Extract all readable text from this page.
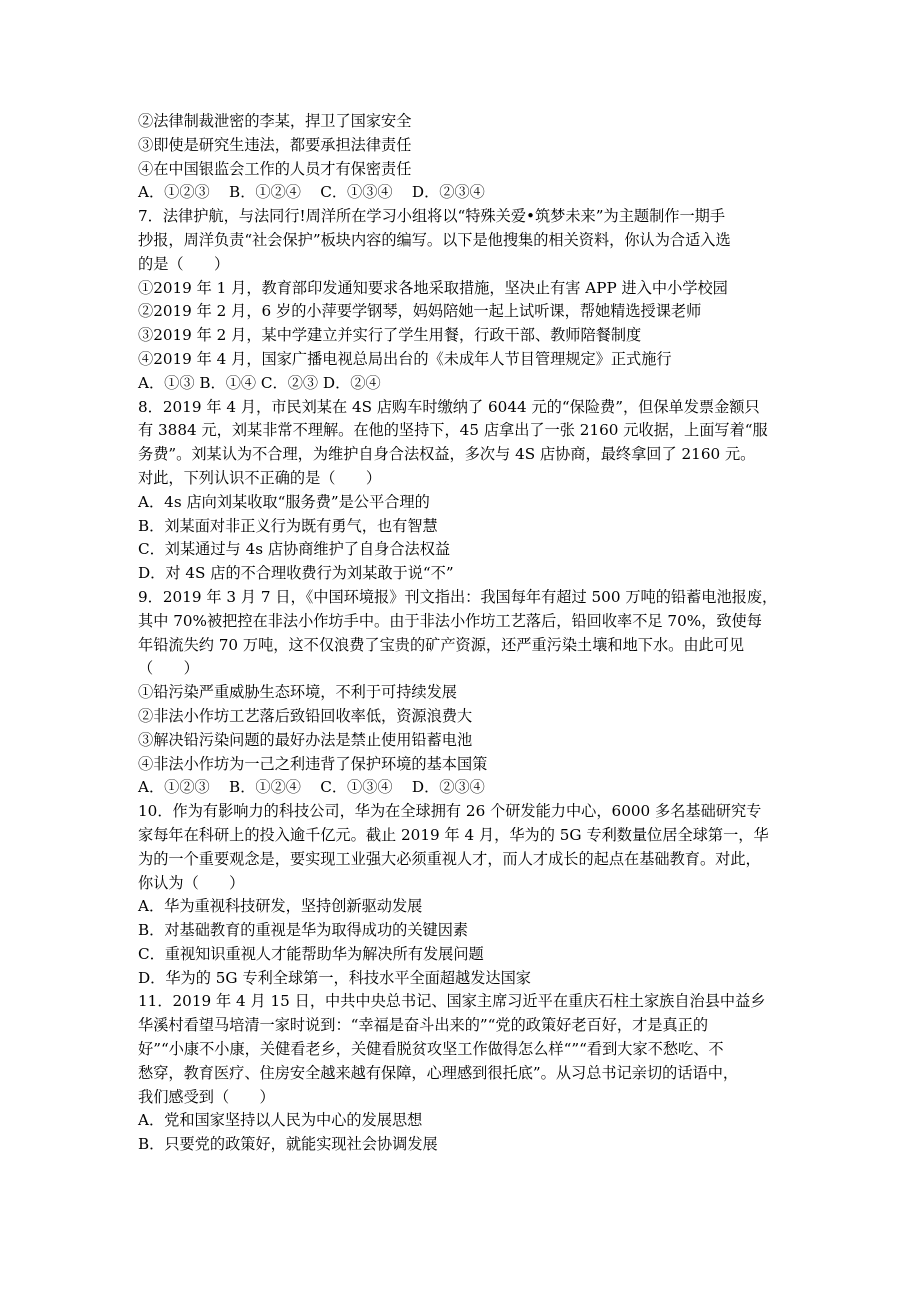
②法律制裁泄密的李某，捍卫了国家安全
③即使是研究生违法，都要承担法律责任
④在中国银监会工作的人员才有保密责任
A．①②③    B．①②④    C．①③④    D．②③④
7．法律护航，与法同行!周洋所在学习小组将以“特殊关爱•筑梦未来”为主题制作一期手
抄报，周洋负责“社会保护”板块内容的编写。以下是他搜集的相关资料，你认为合适入选
的是（　　）
①2019 年 1 月，教育部印发通知要求各地采取措施，坚决止有害 APP 进入中小学校园
②2019 年 2 月，6 岁的小萍要学钢琴，妈妈陪她一起上试听课，帮她精选授课老师
③2019 年 2 月，某中学建立并实行了学生用餐，行政干部、教师陪餐制度
④2019 年 4 月，国家广播电视总局出台的《未成年人节目管理规定》正式施行
A．①③ B．①④ C．②③ D．②④
8．2019 年 4 月，市民刘某在 4S 店购车时缴纳了 6044 元的“保险费”，但保单发票金额只
有 3884 元，刘某非常不理解。在他的坚持下，45 店拿出了一张 2160 元收据，上面写着“服
务费”。刘某认为不合理，为维护自身合法权益，多次与 4S 店协商，最终拿回了 2160 元。
对此，下列认识不正确的是（　　）
A．4s 店向刘某收取“服务费”是公平合理的
B．刘某面对非正义行为既有勇气，也有智慧
C．刘某通过与 4s 店协商维护了自身合法权益
D．对 4S 店的不合理收费行为刘某敢于说“不”
9．2019 年 3 月 7 日，《中国环境报》刊文指出：我国每年有超过 500 万吨的铅蓄电池报废，
其中 70%被把控在非法小作坊手中。由于非法小作坊工艺落后，铅回收率不足 70%，致使每
年铅流失约 70 万吨，这不仅浪费了宝贵的矿产资源，还严重污染土壤和地下水。由此可见
（　　）
①铅污染严重威胁生态环境，不利于可持续发展
②非法小作坊工艺落后致铅回收率低，资源浪费大
③解决铅污染问题的最好办法是禁止使用铅蓄电池
④非法小作坊为一己之利违背了保护环境的基本国策
A．①②③    B．①②④    C．①③④    D．②③④
10．作为有影响力的科技公司，华为在全球拥有 26 个研发能力中心，6000 多名基础研究专
家每年在科研上的投入逾千亿元。截止 2019 年 4 月，华为的 5G 专利数量位居全球第一，华
为的一个重要观念是，要实现工业强大必须重视人才，而人才成长的起点在基础教育。对此，
你认为（　　）
A．华为重视科技研发，坚持创新驱动发展
B．对基础教育的重视是华为取得成功的关键因素
C．重视知识重视人才能帮助华为解决所有发展问题
D．华为的 5G 专利全球第一，科技水平全面超越发达国家
11．2019 年 4 月 15 日，中共中央总书记、国家主席习近平在重庆石柱土家族自治县中益乡
华溪村看望马培清一家时说到：“幸福是奋斗出来的”“党的政策好老百好，才是真正的
好”“小康不小康，关健看老乡，关健看脱贫攻坚工作做得怎么样“”“看到大家不愁吃、不
愁穿，教育医疗、住房安全越来越有保障，心理感到很托底”。从习总书记亲切的话语中，
我们感受到（　　）
A．党和国家坚持以人民为中心的发展思想
B．只要党的政策好，就能实现社会协调发展
